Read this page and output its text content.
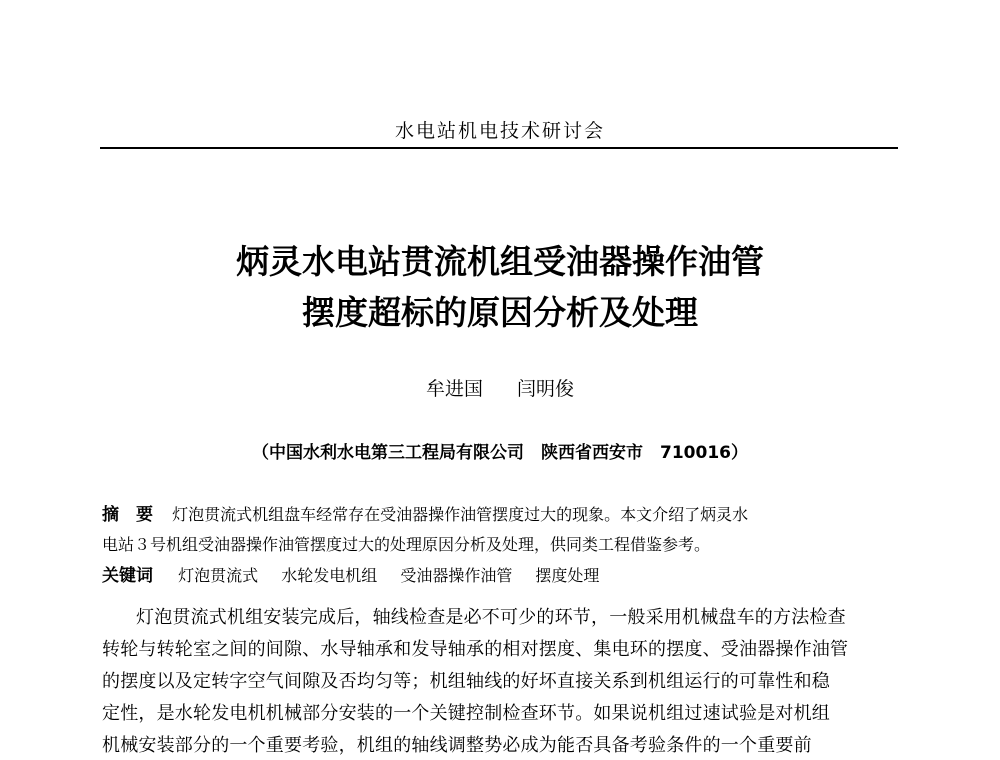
水电站机电技术研讨会
炳灵水电站贯流机组受油器操作油管
摆度超标的原因分析及处理
牟进国 闫明俊
（中国水利水电第三工程局有限公司　陕西省西安市　710016）
摘　要 灯泡贯流式机组盘车经常存在受油器操作油管摆度过大的现象。本文介绍了炳灵水
电站３号机组受油器操作油管摆度过大的处理原因分析及处理，供同类工程借鉴参考。
关键词 灯泡贯流式 水轮发电机组 受油器操作油管 摆度处理
灯泡贯流式机组安装完成后，轴线检查是必不可少的环节，一般采用机械盘车的方法检查
转轮与转轮室之间的间隙、水导轴承和发导轴承的相对摆度、集电环的摆度、受油器操作油管
的摆度以及定转字空气间隙及否均匀等；机组轴线的好坏直接关系到机组运行的可靠性和稳
定性，是水轮发电机机械部分安装的一个关键控制检查环节。如果说机组过速试验是对机组
机械安装部分的一个重要考验，机组的轴线调整势必成为能否具备考验条件的一个重要前
